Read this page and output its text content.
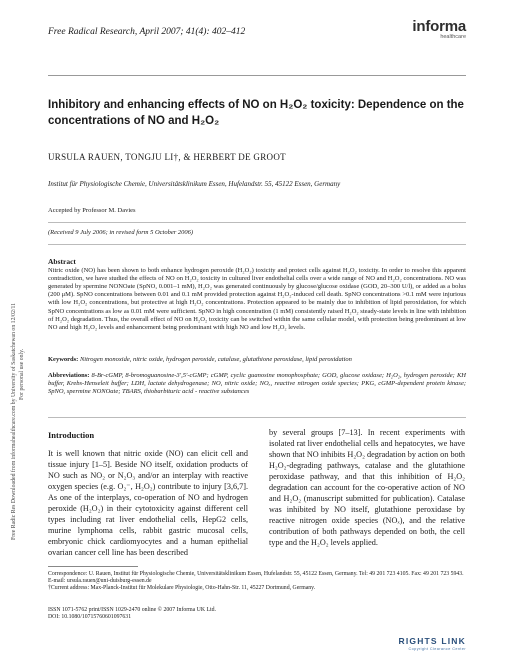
Free Radical Research, April 2007; 41(4): 402–412	informa
healthcare
Free Radic Res Downloaded from informahealthcare.com by University of Saskatchewan on 12/02/11 For personal use only.
Inhibitory and enhancing effects of NO on H₂O₂ toxicity: Dependence on the concentrations of NO and H₂O₂
URSULA RAUEN, TONGJU LI†, & HERBERT DE GROOT
Institut für Physiologische Chemie, Universitätsklinikum Essen, Hufelandstr. 55, 45122 Essen, Germany
Accepted by Professor M. Davies
(Received 9 July 2006; in revised form 5 October 2006)
Abstract
Nitric oxide (NO) has been shown to both enhance hydrogen peroxide (H₂O₂) toxicity and protect cells against H₂O₂ toxicity. In order to resolve this apparent contradiction, we have studied the effects of NO on H₂O₂ toxicity in cultured liver endothelial cells over a wide range of NO and H₂O₂ concentrations. NO was generated by spermine NONOate (SpNO, 0.001–1 mM), H₂O₂ was generated continuously by glucose/glucose oxidase (GOD, 20–300 U/l), or added as a bolus (200 μM). SpNO concentrations between 0.01 and 0.1 mM provided protection against H₂O₂-induced cell death. SpNO concentrations >0.1 mM were injurious with low H₂O₂ concentrations, but protective at high H₂O₂ concentrations. Protection appeared to be mainly due to inhibition of lipid peroxidation, for which SpNO concentrations as low as 0.01 mM were sufficient. SpNO in high concentration (1 mM) consistently raised H₂O₂ steady-state levels in line with inhibition of H₂O₂ degradation. Thus, the overall effect of NO on H₂O₂ toxicity can be switched within the same cellular model, with protection being predominant at low NO and high H₂O₂ levels and enhancement being predominant with high NO and low H₂O₂ levels.
Keywords: Nitrogen monoxide, nitric oxide, hydrogen peroxide, catalase, glutathione peroxidase, lipid peroxidation
Abbreviations: 8-Br-cGMP, 8-bromoguanosine-3′,5′-cGMP; cGMP, cyclic guanosine monophosphate; GOD, glucose oxidase; H₂O₂, hydrogen peroxide; KH buffer, Krebs-Henseleit buffer; LDH, lactate dehydrogenase; NO, nitric oxide; NOₓ, reactive nitrogen oxide species; PKG, cGMP-dependent protein kinase; SpNO, spermine NONOate; TBARS, thiobarbituric acid - reactive substances
Introduction
It is well known that nitric oxide (NO) can elicit cell and tissue injury [1–5]. Beside NO itself, oxidation products of NO such as NO₂ or N₂O₃ and/or an interplay with reactive oxygen species (e.g. O₂⁻, H₂O₂) contribute to injury [3,6,7]. As one of the interplays, co-operation of NO and hydrogen peroxide (H₂O₂) in their cytotoxicity against different cell types including rat liver endothelial cells, HepG2 cells, murine lymphoma cells, rabbit gastric mucosal cells, embryonic chick cardiomyocytes and a human epithelial ovarian cancer cell line has been described
by several groups [7–13]. In recent experiments with isolated rat liver endothelial cells and hepatocytes, we have shown that NO inhibits H₂O₂ degradation by action on both H₂O₂-degrading pathways, catalase and the glutathione peroxidase pathway, and that this inhibition of H₂O₂ degradation can account for the co-operative action of NO and H₂O₂ (manuscript submitted for publication). Catalase was inhibited by NO itself, glutathione peroxidase by reactive nitrogen oxide species (NOₓ), and the relative contribution of both pathways depended on both, the cell type and the H₂O₂ levels applied.
Correspondence: U. Rauen, Institut für Physiologische Chemie, Universitätsklinikum Essen, Hufelandstr. 55, 45122 Essen, Germany. Tel: 49 201 723 4105. Fax: 49 201 723 5943. E-mail: ursula.rauen@uni-duisburg-essen.de
†Current address: Max-Planck-Institut für Molekulare Physiologie, Otto-Hahn-Str. 11, 45227 Dortmund, Germany.
ISSN 1071-5762 print/ISSN 1029-2470 online © 2007 Informa UK Ltd.
DOI: 10.1080/10715760601097631
RIGHTS LINK
Copyright Clearance Center
